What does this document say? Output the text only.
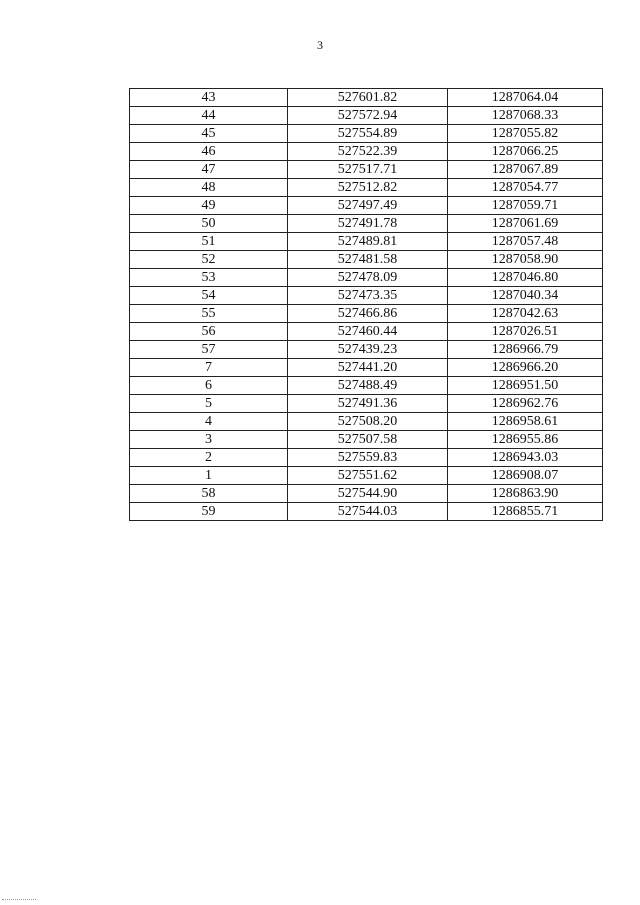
3
43	527601.82	1287064.04
44	527572.94	1287068.33
45	527554.89	1287055.82
46	527522.39	1287066.25
47	527517.71	1287067.89
48	527512.82	1287054.77
49	527497.49	1287059.71
50	527491.78	1287061.69
51	527489.81	1287057.48
52	527481.58	1287058.90
53	527478.09	1287046.80
54	527473.35	1287040.34
55	527466.86	1287042.63
56	527460.44	1287026.51
57	527439.23	1286966.79
7	527441.20	1286966.20
6	527488.49	1286951.50
5	527491.36	1286962.76
4	527508.20	1286958.61
3	527507.58	1286955.86
2	527559.83	1286943.03
1	527551.62	1286908.07
58	527544.90	1286863.90
59	527544.03	1286855.71
